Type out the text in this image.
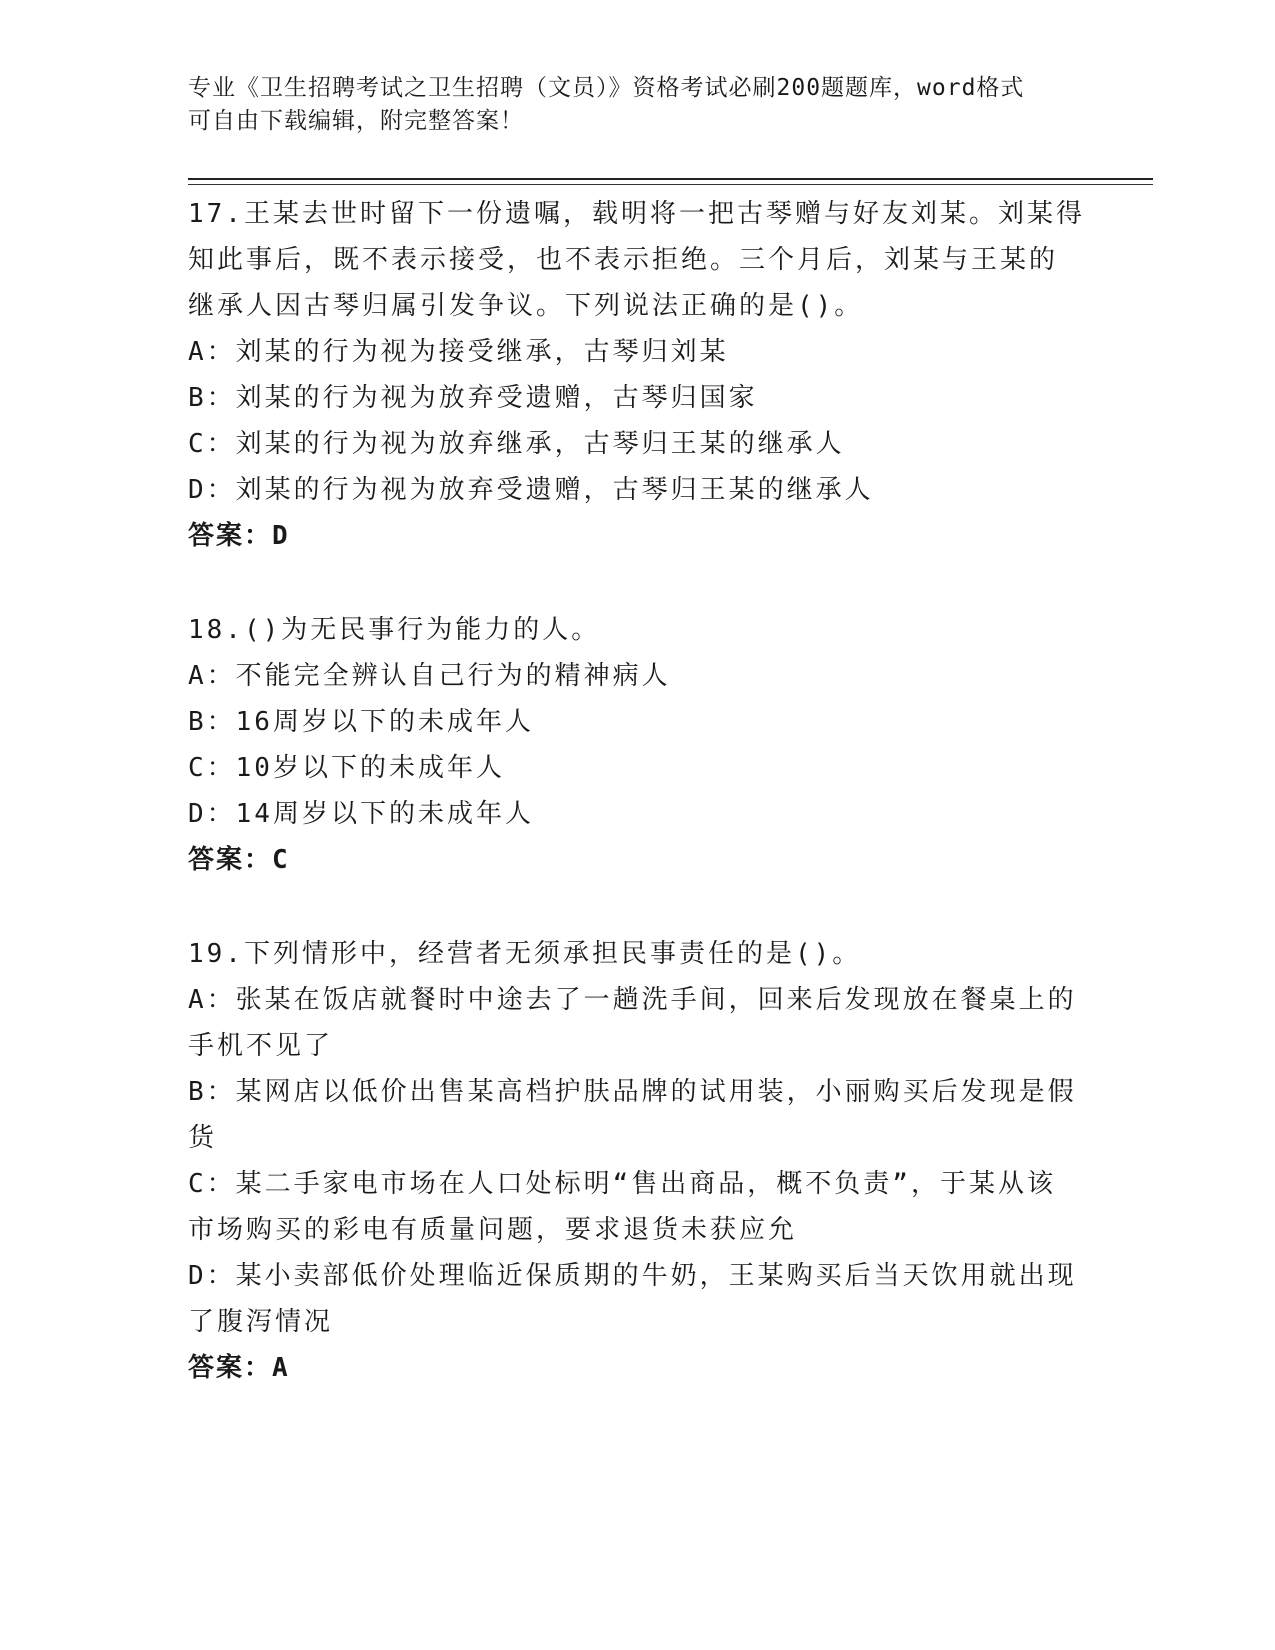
专业《卫生招聘考试之卫生招聘（文员）》资格考试必刷200题题库，word格式
可自由下载编辑，附完整答案！
17.王某去世时留下一份遗嘱，载明将一把古琴赠与好友刘某。刘某得
知此事后，既不表示接受，也不表示拒绝。三个月后，刘某与王某的
继承人因古琴归属引发争议。下列说法正确的是()。
A：刘某的行为视为接受继承，古琴归刘某
B：刘某的行为视为放弃受遗赠，古琴归国家
C：刘某的行为视为放弃继承，古琴归王某的继承人
D：刘某的行为视为放弃受遗赠，古琴归王某的继承人
答案：D
18.()为无民事行为能力的人。
A：不能完全辨认自己行为的精神病人
B：16周岁以下的未成年人
C：10岁以下的未成年人
D：14周岁以下的未成年人
答案：C
19.下列情形中，经营者无须承担民事责任的是()。
A：张某在饭店就餐时中途去了一趟洗手间，回来后发现放在餐桌上的
手机不见了
B：某网店以低价出售某高档护肤品牌的试用装，小丽购买后发现是假
货
C：某二手家电市场在人口处标明“售出商品，概不负责”，于某从该
市场购买的彩电有质量问题，要求退货未获应允
D：某小卖部低价处理临近保质期的牛奶，王某购买后当天饮用就出现
了腹泻情况
答案：A
